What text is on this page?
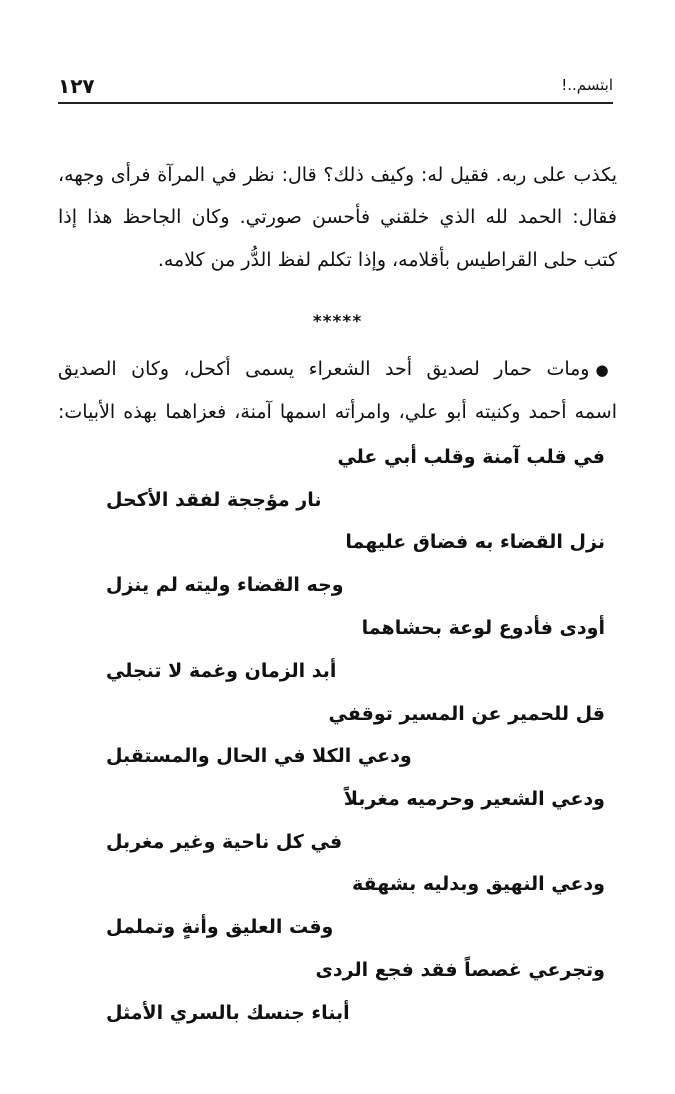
١٢٧	ابتسم..!
يكذب على ربه. فقيل له: وكيف ذلك؟ قال: نظر في المرآة فرأى وجهه،
فقال: الحمد لله الذي خلقني فأحسن صورتي. وكان الجاحظ هذا إذا
كتب حلى القراطيس بأقلامه، وإذا تكلم لفظ الدُّر من كلامه.
*****
●ومات حمار لصديق أحد الشعراء يسمى أكحل، وكان الصديق
اسمه أحمد وكنيته أبو علي، وامرأته اسمها آمنة، فعزاهما بهذه الأبيات:
في قلب آمنة وقلب أبي علي
نار مؤججة لفقد الأكحل
نزل القضاء به فضاق عليهما
وجه القضاء وليته لم ينزل
أودى فأدوع لوعة بحشاهما
أبد الزمان وغمة لا تنجلي
قل للحمير عن المسير توقفي
ودعي الكلا في الحال والمستقبل
ودعي الشعير وحرميه مغربلاً
في كل ناحية وغير مغربل
ودعي النهيق وبدليه بشهقة
وقت العليق وأنةٍ وتململ
وتجرعي غصصاً فقد فجع الردى
أبناء جنسك بالسري الأمثل
